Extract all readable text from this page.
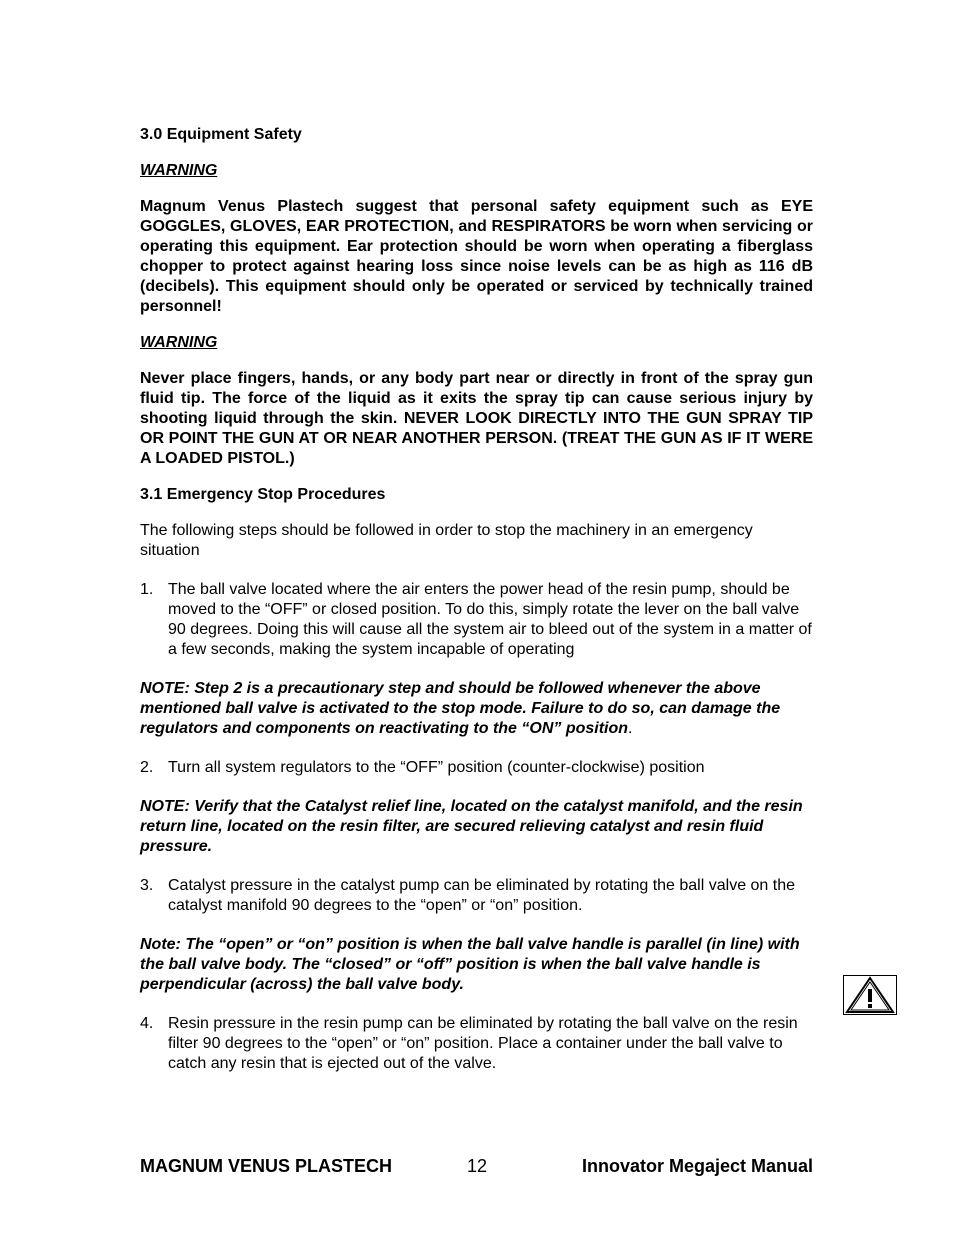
3.0 Equipment Safety
WARNING
Magnum Venus Plastech suggest that personal safety equipment such as EYE GOGGLES, GLOVES, EAR PROTECTION, and RESPIRATORS be worn when servicing or operating this equipment. Ear protection should be worn when operating a fiberglass chopper to protect against hearing loss since noise levels can be as high as 116 dB (decibels). This equipment should only be operated or serviced by technically trained personnel!
WARNING
Never place fingers, hands, or any body part near or directly in front of the spray gun fluid tip. The force of the liquid as it exits the spray tip can cause serious injury by shooting liquid through the skin. NEVER LOOK DIRECTLY INTO THE GUN SPRAY TIP OR POINT THE GUN AT OR NEAR ANOTHER PERSON. (TREAT THE GUN AS IF IT WERE A LOADED PISTOL.)
3.1 Emergency Stop Procedures
The following steps should be followed in order to stop the machinery in an emergency situation
1. The ball valve located where the air enters the power head of the resin pump, should be moved to the “OFF” or closed position. To do this, simply rotate the lever on the ball valve 90 degrees. Doing this will cause all the system air to bleed out of the system in a matter of a few seconds, making the system incapable of operating
NOTE: Step 2 is a precautionary step and should be followed whenever the above mentioned ball valve is activated to the stop mode. Failure to do so, can damage the regulators and components on reactivating to the “ON” position.
2. Turn all system regulators to the “OFF” position (counter-clockwise) position
NOTE: Verify that the Catalyst relief line, located on the catalyst manifold, and the resin return line, located on the resin filter, are secured relieving catalyst and resin fluid pressure.
3. Catalyst pressure in the catalyst pump can be eliminated by rotating the ball valve on the catalyst manifold 90 degrees to the “open” or “on” position.
Note: The “open” or “on” position is when the ball valve handle is parallel (in line) with the ball valve body. The “closed” or “off” position is when the ball valve handle is perpendicular (across) the ball valve body.
4. Resin pressure in the resin pump can be eliminated by rotating the ball valve on the resin filter 90 degrees to the “open” or “on” position. Place a container under the ball valve to catch any resin that is ejected out of the valve.
MAGNUM VENUS PLASTECH	12	Innovator Megaject Manual
